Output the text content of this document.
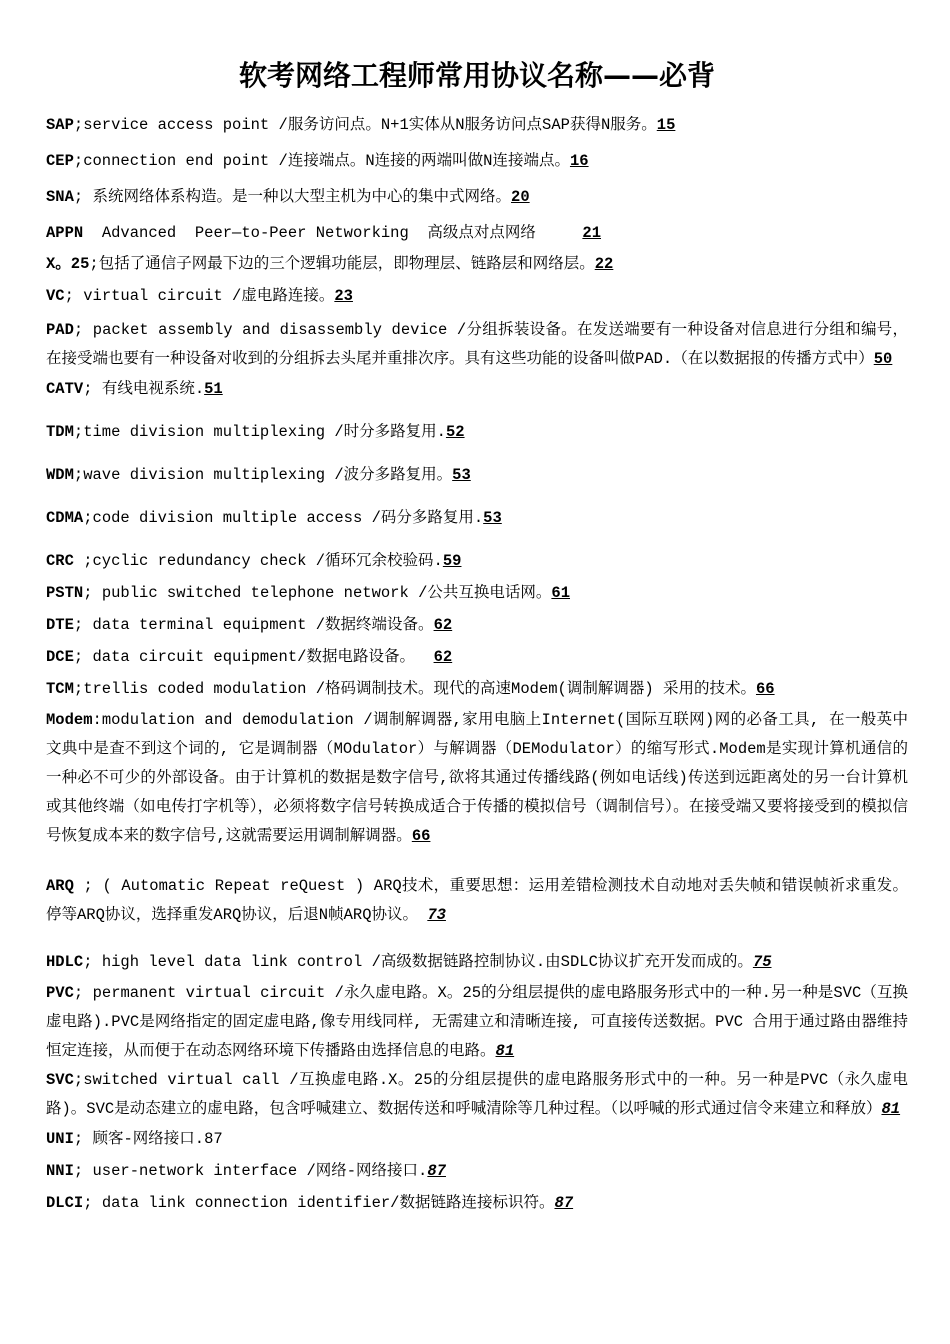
软考网络工程师常用协议名称——必背

SAP;service access point /服务访问点。N+1实体从N服务访问点SAP获得N服务。15

CEP;connection end point /连接端点。N连接的两端叫做N连接端点。16

SNA; 系统网络体系构造。是一种以大型主机为中心的集中式网络。20

APPN  Advanced  Peer—to-Peer Networking  高级点对点网络     21

X。25;包括了通信子网最下边的三个逻辑功能层，即物理层、链路层和网络层。22

VC; virtual circuit /虚电路连接。23

PAD; packet assembly and disassembly device /分组拆装设备。在发送端要有一种设备对信息进行分组和编号，在接受端也要有一种设备对收到的分组拆去头尾并重排次序。具有这些功能的设备叫做PAD.（在以数据报的传播方式中）50

CATV; 有线电视系统.51

TDM;time division multiplexing /时分多路复用.52

WDM;wave division multiplexing /波分多路复用。53

CDMA;code division multiple access /码分多路复用.53

CRC ;cyclic redundancy check /循环冗余校验码.59

PSTN; public switched telephone network /公共互换电话网。61

DTE; data terminal equipment /数据终端设备。62

DCE; data circuit equipment/数据电路设备。  62

TCM;trellis coded modulation /格码调制技术。现代的高速Modem(调制解调器) 采用的技术。66

Modem:modulation and demodulation /调制解调器,家用电脑上Internet(国际互联网)网的必备工具, 在一般英中文典中是查不到这个词的, 它是调制器（MOdulator）与解调器（DEModulator）的缩写形式.Modem是实现计算机通信的一种必不可少的外部设备。由于计算机的数据是数字信号,欲将其通过传播线路(例如电话线)传送到远距离处的另一台计算机或其他终端（如电传打字机等），必须将数字信号转换成适合于传播的模拟信号（调制信号）。在接受端又要将接受到的模拟信号恢复成本来的数字信号,这就需要运用调制解调器。66

ARQ ; ( Automatic Repeat reQuest ) ARQ技术，重要思想：运用差错检测技术自动地对丢失帧和错误帧祈求重发。停等ARQ协议，选择重发ARQ协议，后退N帧ARQ协议。 73

HDLC; high level data link control /高级数据链路控制协议.由SDLC协议扩充开发而成的。75

PVC; permanent virtual circuit /永久虚电路。X。25的分组层提供的虚电路服务形式中的一种.另一种是SVC（互换虚电路).PVC是网络指定的固定虚电路,像专用线同样, 无需建立和清晰连接, 可直接传送数据。PVC 合用于通过路由器维持恒定连接，从而便于在动态网络环境下传播路由选择信息的电路。81

SVC;switched virtual call /互换虚电路.X。25的分组层提供的虚电路服务形式中的一种。另一种是PVC（永久虚电路)。SVC是动态建立的虚电路，包含呼喊建立、数据传送和呼喊清除等几种过程。（以呼喊的形式通过信令来建立和释放）81

UNI; 顾客-网络接口.87

NNI; user-network interface /网络-网络接口.87

DLCI; data link connection identifier/数据链路连接标识符。87
